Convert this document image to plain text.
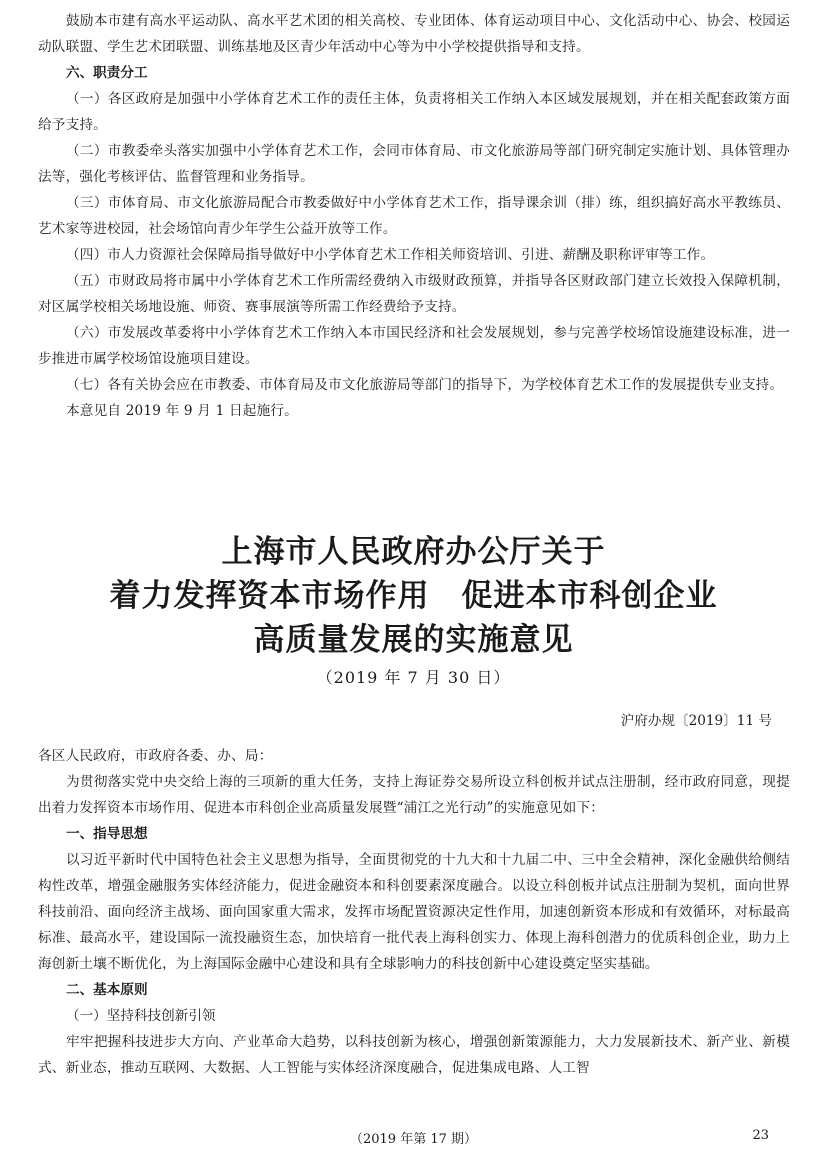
鼓励本市建有高水平运动队、高水平艺术团的相关高校、专业团体、体育运动项目中心、文化活动中心、协会、校园运动队联盟、学生艺术团联盟、训练基地及区青少年活动中心等为中小学校提供指导和支持。

六、职责分工

（一）各区政府是加强中小学体育艺术工作的责任主体，负责将相关工作纳入本区域发展规划，并在相关配套政策方面给予支持。

（二）市教委牵头落实加强中小学体育艺术工作，会同市体育局、市文化旅游局等部门研究制定实施计划、具体管理办法等，强化考核评估、监督管理和业务指导。

（三）市体育局、市文化旅游局配合市教委做好中小学体育艺术工作，指导课余训（排）练，组织搞好高水平教练员、艺术家等进校园，社会场馆向青少年学生公益开放等工作。

（四）市人力资源社会保障局指导做好中小学体育艺术工作相关师资培训、引进、薪酬及职称评审等工作。

（五）市财政局将市属中小学体育艺术工作所需经费纳入市级财政预算，并指导各区财政部门建立长效投入保障机制，对区属学校相关场地设施、师资、赛事展演等所需工作经费给予支持。

（六）市发展改革委将中小学体育艺术工作纳入本市国民经济和社会发展规划，参与完善学校场馆设施建设标准，进一步推进市属学校场馆设施项目建设。

（七）各有关协会应在市教委、市体育局及市文化旅游局等部门的指导下，为学校体育艺术工作的发展提供专业支持。

本意见自 2019 年 9 月 1 日起施行。

上海市人民政府办公厅关于

着力发挥资本市场作用　促进本市科创企业

高质量发展的实施意见

（2019 年 7 月 30 日）

沪府办规〔2019〕11 号

各区人民政府，市政府各委、办、局：

为贯彻落实党中央交给上海的三项新的重大任务，支持上海证券交易所设立科创板并试点注册制，经市政府同意，现提出着力发挥资本市场作用、促进本市科创企业高质量发展暨“浦江之光行动”的实施意见如下：

一、指导思想

以习近平新时代中国特色社会主义思想为指导，全面贯彻党的十九大和十九届二中、三中全会精神，深化金融供给侧结构性改革，增强金融服务实体经济能力，促进金融资本和科创要素深度融合。以设立科创板并试点注册制为契机，面向世界科技前沿、面向经济主战场、面向国家重大需求，发挥市场配置资源决定性作用，加速创新资本形成和有效循环，对标最高标准、最高水平，建设国际一流投融资生态，加快培育一批代表上海科创实力、体现上海科创潜力的优质科创企业，助力上海创新土壤不断优化，为上海国际金融中心建设和具有全球影响力的科技创新中心建设奠定坚实基础。

二、基本原则

（一）坚持科技创新引领

牢牢把握科技进步大方向、产业革命大趋势，以科技创新为核心，增强创新策源能力，大力发展新技术、新产业、新模式、新业态，推动互联网、大数据、人工智能与实体经济深度融合，促进集成电路、人工智

（2019 年第 17 期）	23
